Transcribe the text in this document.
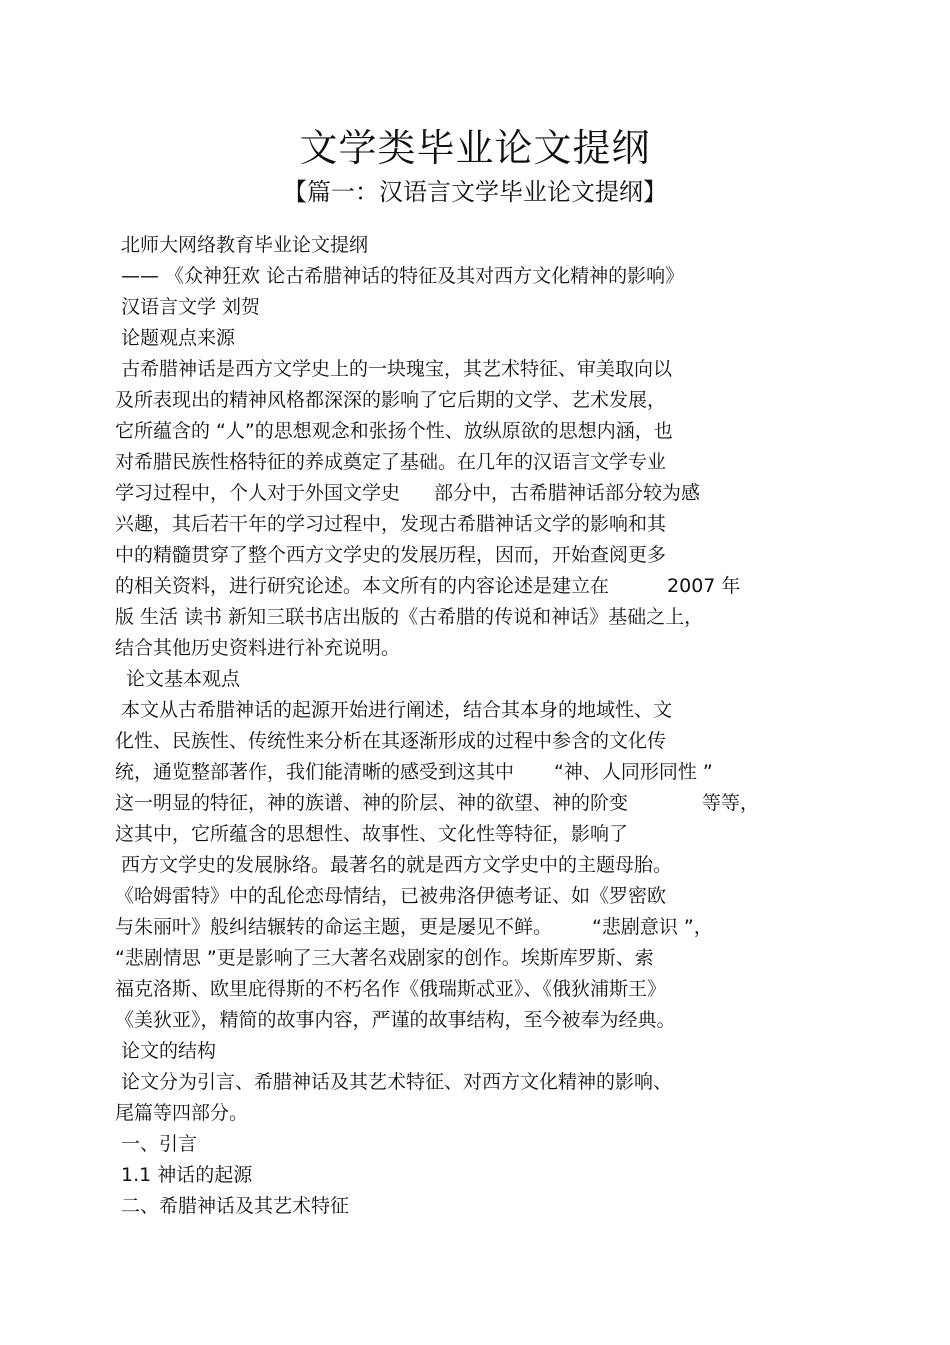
文学类毕业论文提纲
【篇一：汉语言文学毕业论文提纲】
北师大网络教育毕业论文提纲
—— 《众神狂欢 论古希腊神话的特征及其对西方文化精神的影响》
汉语言文学 刘贺
论题观点来源
古希腊神话是西方文学史上的一块瑰宝，其艺术特征、审美取向以
及所表现出的精神风格都深深的影响了它后期的文学、艺术发展，
它所蕴含的 “人”的思想观念和张扬个性、放纵原欲的思想内涵，也
对希腊民族性格特征的养成奠定了基础。在几年的汉语言文学专业
学习过程中，个人对于外国文学史 部分中，古希腊神话部分较为感
兴趣，其后若干年的学习过程中，发现古希腊神话文学的影响和其
中的精髓贯穿了整个西方文学史的发展历程，因而，开始查阅更多
的相关资料，进行研究论述。本文所有的内容论述是建立在	2007 年
版 生活 读书 新知三联书店出版的《古希腊的传说和神话》基础之上，
结合其他历史资料进行补充说明。
论文基本观点
本文从古希腊神话的起源开始进行阐述，结合其本身的地域性、文
化性、民族性、传统性来分析在其逐渐形成的过程中参含的文化传
统，通览整部著作，我们能清晰的感受到这其中 “神、人同形同性 ”
这一明显的特征，神的族谱、神的阶层、神的欲望、神的阶变	等等，
这其中，它所蕴含的思想性、故事性、文化性等特征，影响了
西方文学史的发展脉络。最著名的就是西方文学史中的主题母胎。
《哈姆雷特》中的乱伦恋母情结，已被弗洛伊德考证、如《罗密欧
与朱丽叶》般纠结辗转的命运主题，更是屡见不鲜。 “悲剧意识 ”，
“悲剧情思 ”更是影响了三大著名戏剧家的创作。埃斯库罗斯、索
福克洛斯、欧里庇得斯的不朽名作《俄瑞斯忒亚》、《俄狄浦斯王》
《美狄亚》，精简的故事内容，严谨的故事结构，至今被奉为经典。
论文的结构
论文分为引言、希腊神话及其艺术特征、对西方文化精神的影响、
尾篇等四部分。
一、引言
1.1 神话的起源
二、希腊神话及其艺术特征
